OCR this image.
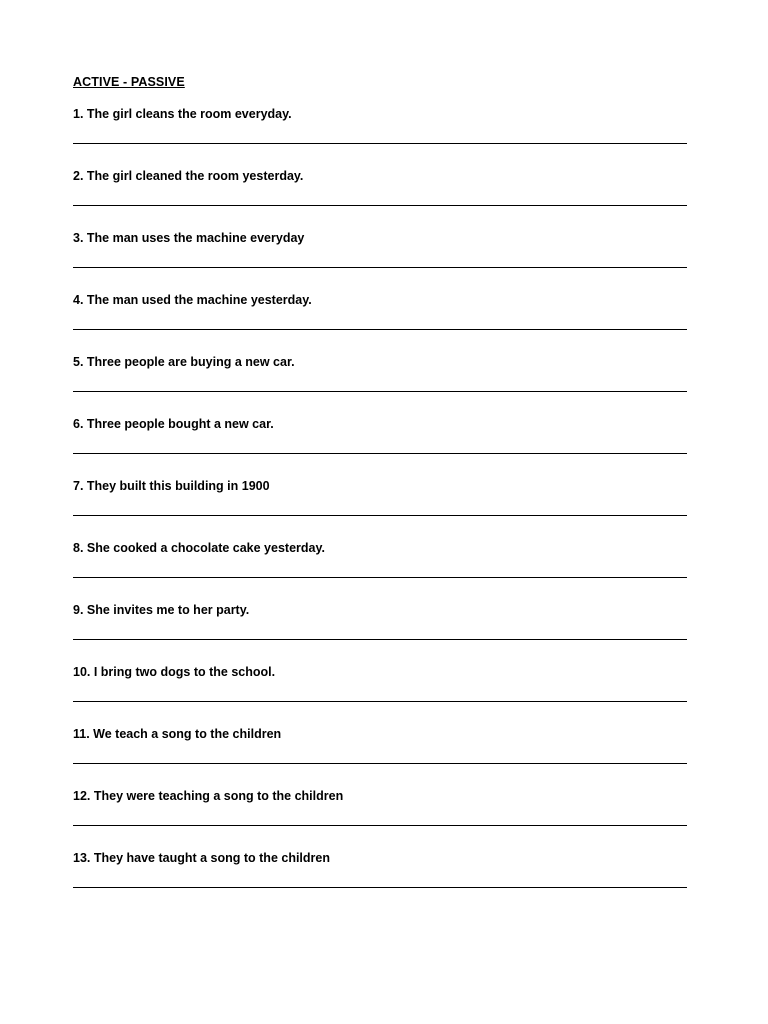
ACTIVE - PASSIVE
1. The girl cleans the room everyday.
2. The girl cleaned the room yesterday.
3. The man uses the machine everyday
4. The man used the machine yesterday.
5. Three people are buying a new car.
6. Three people bought a new car.
7. They built this building in 1900
8. She cooked a chocolate cake yesterday.
9. She invites me to her party.
10. I bring two dogs to the school.
11. We teach a song to the children
12. They were teaching a song to the children
13. They have taught a song to the children
